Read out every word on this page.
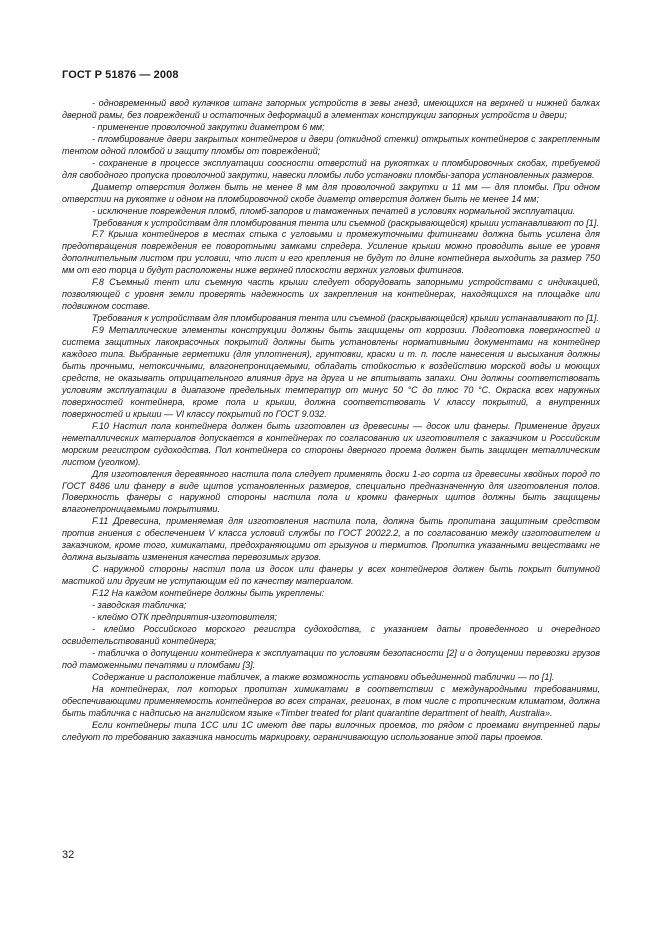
ГОСТ Р 51876 — 2008

- одновременный ввод кулачков штанг запорных устройств в зевы гнезд, имеющихся на верхней и нижней балках дверной рамы, без повреждений и остаточных деформаций в элементах конструкции запорных устройств и двери;

- применение проволочной закрутки диаметром 6 мм;

- пломбирование двери закрытых контейнеров и двери (откидной стенки) открытых контейнеров с закрепленным тентом одной пломбой и защиту пломбы от повреждений;

- сохранение в процессе эксплуатации соосности отверстий на рукоятках и пломбировочных скобах, требуемой для свободного пропуска проволочной закрутки, навески пломбы либо установки пломбы-запора установленных размеров.

Диаметр отверстия должен быть не менее 8 мм для проволочной закрутки и 11 мм — для пломбы. При одном отверстии на рукоятке и одном на пломбировочной скобе диаметр отверстия должен быть не менее 14 мм;

- исключение повреждения пломб, пломб-запоров и таможенных печатей в условиях нормальной эксплуатации.

Требования к устройствам для пломбирования тента или съемной (раскрывающейся) крыши устанавливают по [1].

F.7 Крыша контейнеров в местах стыка с угловыми и промежуточными фитингами должна быть усилена для предотвращения повреждения ее поворотными замками спредера. Усиление крыши можно проводить выше ее уровня дополнительным листом при условии, что лист и его крепления не будут по длине контейнера выходить за размер 750 мм от его торца и будут расположены ниже верхней плоскости верхних угловых фитингов.

F.8 Съемный тент или съемную часть крыши следует оборудовать запорными устройствами с индикацией, позволяющей с уровня земли проверять надежность их закрепления на контейнерах, находящихся на площадке или подвижном составе.

Требования к устройствам для пломбирования тента или съемной (раскрывающейся) крыши устанавливают по [1].

F.9 Металлические элементы конструкции должны быть защищены от коррозии. Подготовка поверхностей и система защитных лакокрасочных покрытий должны быть установлены нормативными документами на контейнер каждого типа. Выбранные герметики (для уплотнения), грунтовки, краски и т. п. после нанесения и высыхания должны быть прочными, нетоксичными, влагонепроницаемыми, обладать стойкостью к воздействию морской воды и моющих средств, не оказывать отрицательного влияния друг на друга и не впитывать запахи. Они должны соответствовать условиям эксплуатации в диапазоне предельных температур от минус 50 °С до плюс 70 °С. Окраска всех наружных поверхностей контейнера, кроме пола и крыши, должна соответствовать V классу покрытий, а внутренних поверхностей и крыши — VI классу покрытий по ГОСТ 9.032.

F.10 Настил пола контейнера должен быть изготовлен из древесины — досок или фанеры. Применение других неметаллических материалов допускается в контейнерах по согласованию их изготовителя с заказчиком и Российским морским регистром судоходства. Пол контейнера со стороны дверного проема должен быть защищен металлическим листом (уголком).

Для изготовления деревянного настила пола следует применять доски 1-го сорта из древесины хвойных пород по ГОСТ 8486 или фанеру в виде щитов установленных размеров, специально предназначенную для изготовления полов. Поверхность фанеры с наружной стороны настила пола и кромки фанерных щитов должны быть защищены влагонепроницаемыми покрытиями.

F.11 Древесина, применяемая для изготовления настила пола, должна быть пропитана защитным средством против гниения с обеспечением V класса условий службы по ГОСТ 20022.2, а по согласованию между изготовителем и заказчиком, кроме того, химикатами, предохраняющими от грызунов и термитов. Пропитка указанными веществами не должна вызывать изменения качества перевозимых грузов.

С наружной стороны настил пола из досок или фанеры у всех контейнеров должен быть покрыт битумной мастикой или другим не уступающим ей по качеству материалом.

F.12 На каждом контейнере должны быть укреплены:

- заводская табличка;

- клеймо ОТК предприятия-изготовителя;

- клеймо Российского морского регистра судоходства, с указанием даты проведенного и очередного освидетельствований контейнера;

- табличка о допущении контейнера к эксплуатации по условиям безопасности [2] и о допущении перевозки грузов под таможенными печатями и пломбами [3].

Содержание и расположение табличек, а также возможность установки объединенной таблички — по [1].

На контейнерах, пол которых пропитан химикатами в соответствии с международными требованиями, обеспечивающими применяемость контейнеров во всех странах, регионах, в том числе с тропическим климатом, должна быть табличка с надписью на английском языке «Timber treated for plant quarantine department of health, Australia».

Если контейнеры типа 1СС или 1С имеют две пары вилочных проемов, то рядом с проемами внутренней пары следуют по требованию заказчика наносить маркировку, ограничивающую использование этой пары проемов.

32
